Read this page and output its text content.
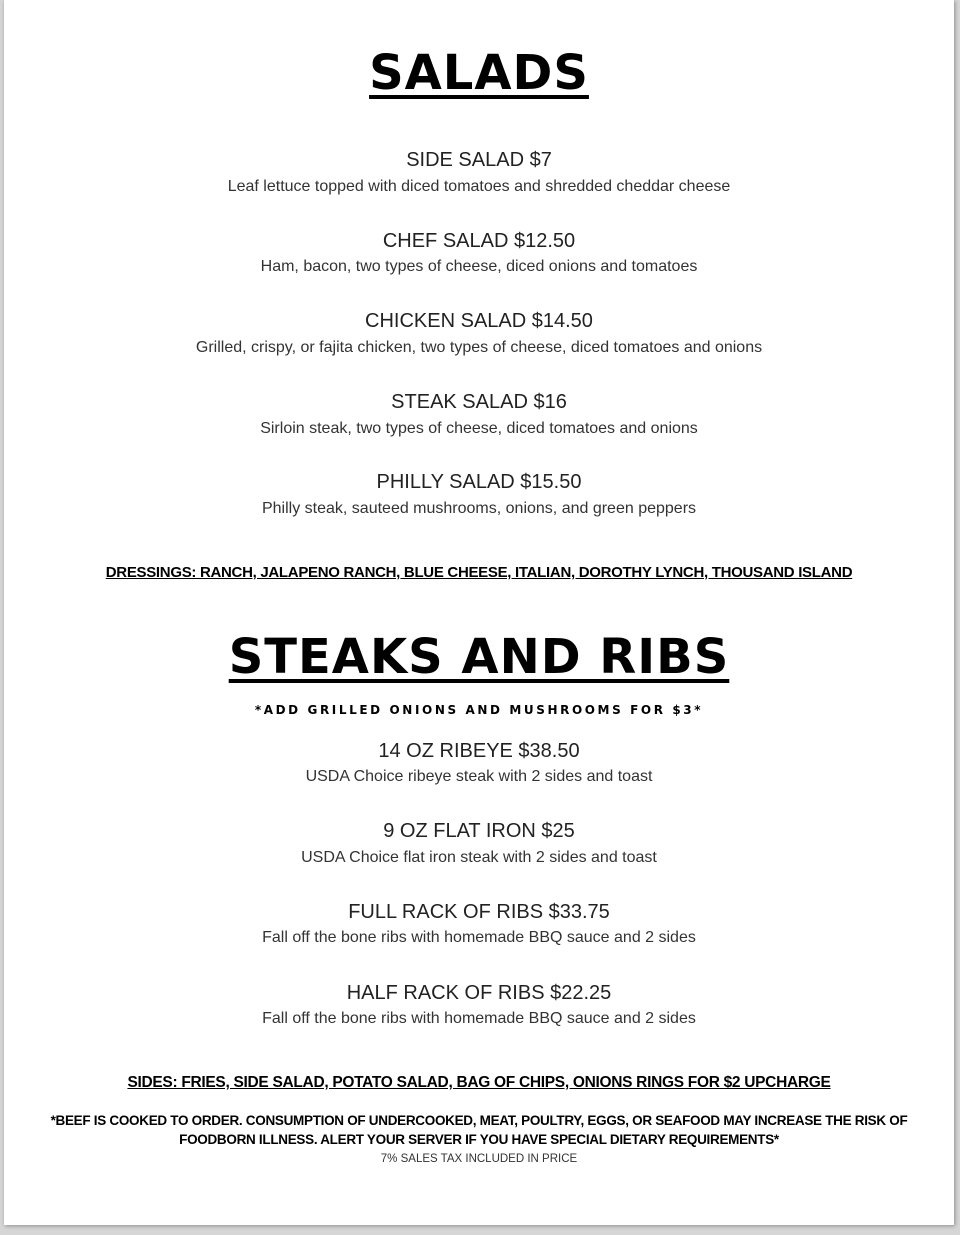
SALADS
SIDE SALAD $7
Leaf lettuce topped with diced tomatoes and shredded cheddar cheese
CHEF SALAD $12.50
Ham, bacon, two types of cheese, diced onions and tomatoes
CHICKEN SALAD $14.50
Grilled, crispy, or fajita chicken, two types of cheese, diced tomatoes and onions
STEAK SALAD $16
Sirloin steak, two types of cheese, diced tomatoes and onions
PHILLY SALAD $15.50
Philly steak, sauteed mushrooms, onions, and green peppers
DRESSINGS: RANCH, JALAPENO RANCH, BLUE CHEESE, ITALIAN, DOROTHY LYNCH, THOUSAND ISLAND
STEAKS AND RIBS
*ADD GRILLED ONIONS AND MUSHROOMS FOR $3*
14 OZ RIBEYE $38.50
USDA Choice ribeye steak with 2 sides and toast
9 OZ FLAT IRON $25
USDA Choice flat iron steak with 2 sides and toast
FULL RACK OF RIBS $33.75
Fall off the bone ribs with homemade BBQ sauce and 2 sides
HALF RACK OF RIBS $22.25
Fall off the bone ribs with homemade BBQ sauce and 2 sides
SIDES: FRIES, SIDE SALAD, POTATO SALAD, BAG OF CHIPS, ONIONS RINGS FOR $2 UPCHARGE
*BEEF IS COOKED TO ORDER. CONSUMPTION OF UNDERCOOKED, MEAT, POULTRY, EGGS, OR SEAFOOD MAY INCREASE THE RISK OF
FOODBORN ILLNESS. ALERT YOUR SERVER IF YOU HAVE SPECIAL DIETARY REQUIREMENTS*
7% SALES TAX INCLUDED IN PRICE
